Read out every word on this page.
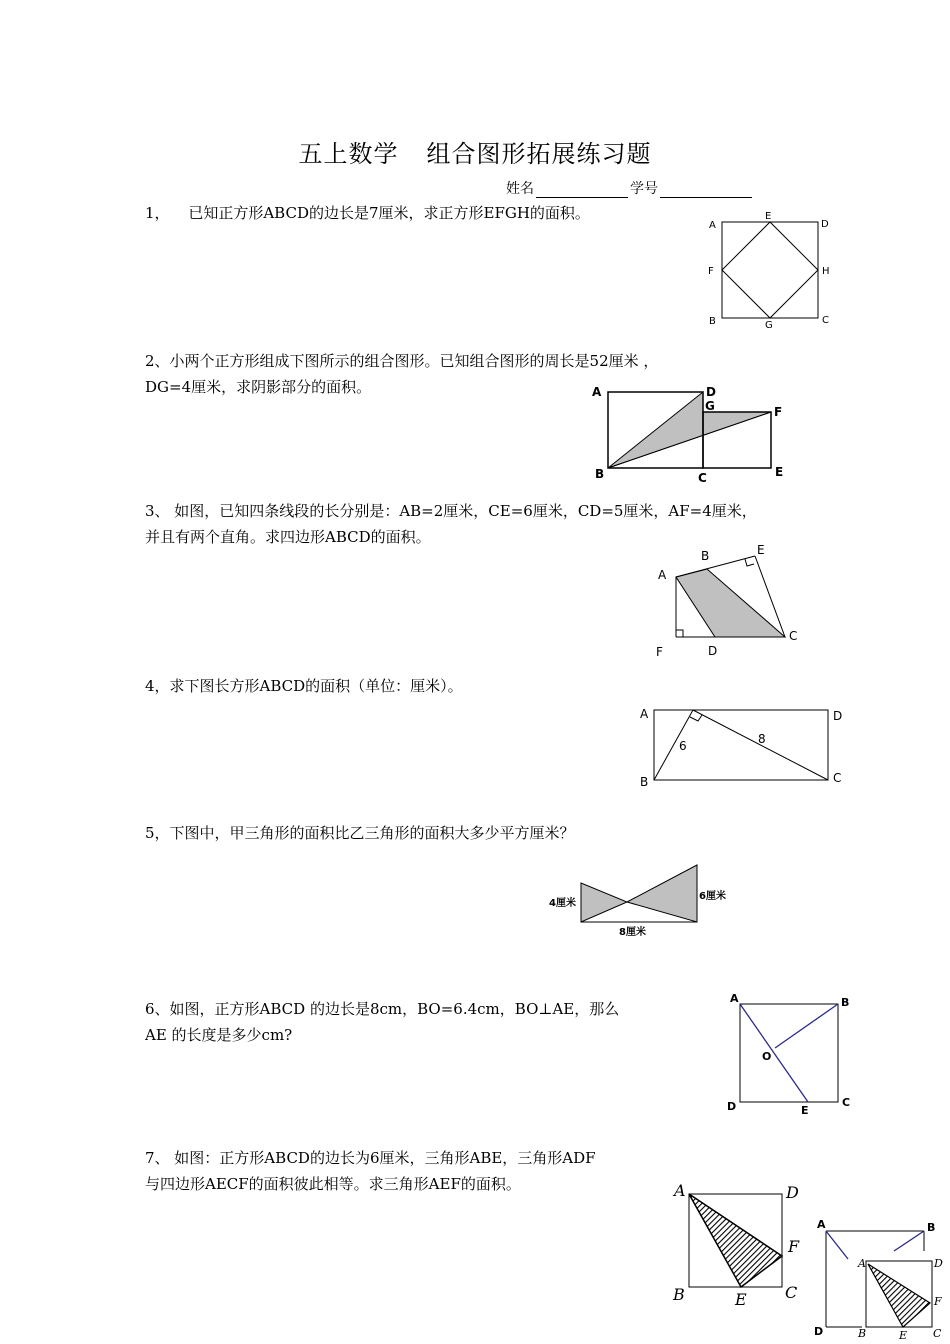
五上数学 组合图形拓展练习题
姓名	学号
1， 已知正方形ABCD的边长是7厘米，求正方形EFGH的面积。
A
E
D
F	H
B	G	C
2、小两个正方形组成下图所示的组合图形。已知组合图形的周长是52厘米 ，
DG=4厘米，求阴影部分的面积。	A	D
G	F
B	C	E
3、 如图，已知四条线段的长分别是：AB=2厘米，CE=6厘米，CD=5厘米，AF=4厘米，
并且有两个直角。求四边形ABCD的面积。
A
B	E
F	D
C
4，求下图长方形ABCD的面积（单位：厘米）。
A	D
B	C
6	8
5，下图中，甲三角形的面积比乙三角形的面积大多少平方厘米？
4厘米
6厘米
8厘米
6、如图，正方形ABCD 的边长是8cm，BO=6.4cm，BO⊥AE，那么
AE 的长度是多少cm?
A	B
O
D	E
C
7、 如图：正方形ABCD的边长为6厘米，三角形ABE，三角形ADF
与四边形AECF的面积彼此相等。求三角形AEF的面积。	A	D
F
B	E C
A	B
A	D
F
D	B	E C
